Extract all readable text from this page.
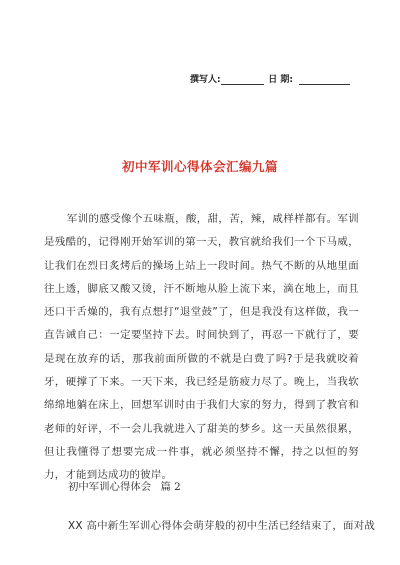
撰写人:	日 期:
初中军训心得体会汇编九篇

军训的感受像个五味瓶，酸，甜，苦，辣，咸样样都有。军训是残酷的，记得刚开始军训的第一天，教官就给我们一个下马威，让我们在烈日炙烤后的操场上站上一段时间。热气不断的从地里面往上透，脚底又酸又烫，汗不断地从脸上流下来，滴在地上，而且还口干舌燥的，我有点想打“退堂鼓”了，但是我没有这样做，我一直告诫自己：一定要坚持下去。时间快到了，再忍一下就行了，要是现在放弃的话，那我前面所做的不就是白费了吗?于是我就咬着牙，硬撑了下来。一天下来，我已经是筋疲力尽了。晚上，当我软绵绵地躺在床上，回想军训时由于我们大家的努力，得到了教官和老师的好评，不一会儿我就进入了甜美的梦乡。这一天虽然很累，但让我懂得了想要完成一件事，就必须坚持不懈，持之以恒的努力，才能到达成功的彼岸。

初中军训心得体会 篇 2
XX 高中新生军训心得体会萌芽般的初中生活已经结束了，面对战
